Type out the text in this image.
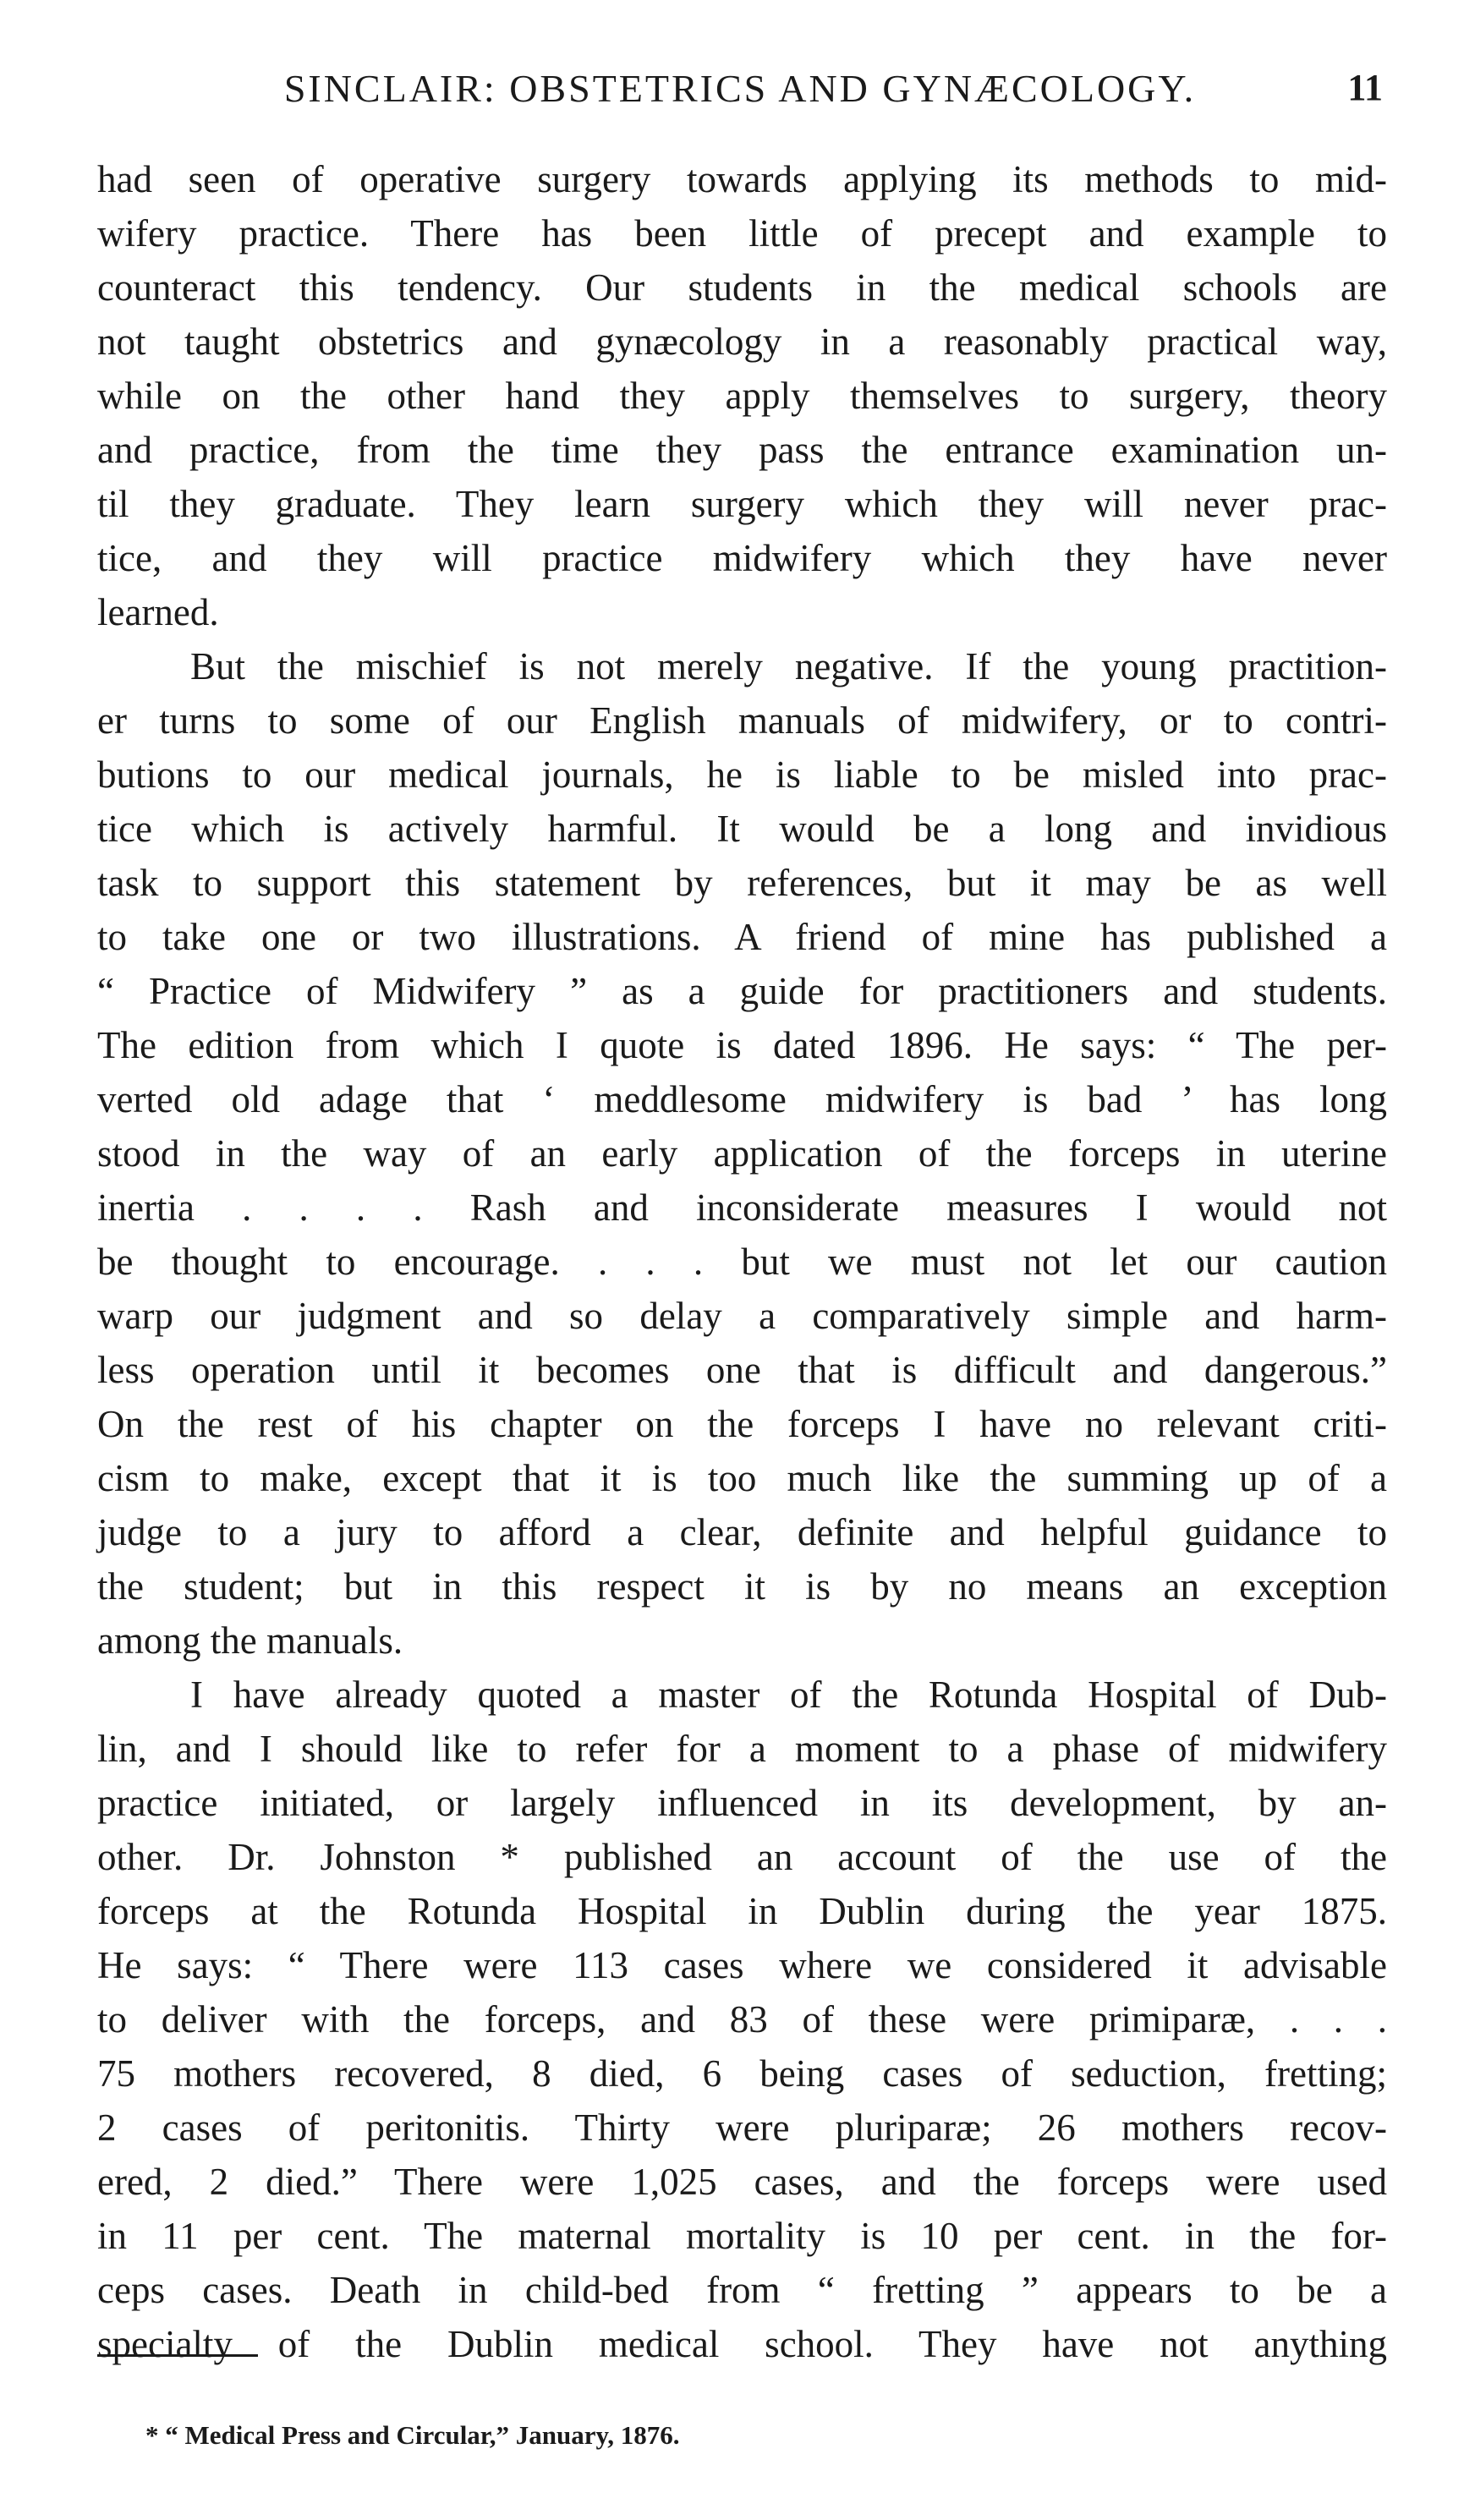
SINCLAIR: OBSTETRICS AND GYNÆCOLOGY.	11
had seen of operative surgery towards applying its methods to mid-
wifery practice. There has been little of precept and example to
counteract this tendency. Our students in the medical schools are
not taught obstetrics and gynæcology in a reasonably practical way,
while on the other hand they apply themselves to surgery, theory
and practice, from the time they pass the entrance examination un-
til they graduate. They learn surgery which they will never prac-
tice, and they will practice midwifery which they have never
learned.
But the mischief is not merely negative. If the young practition-
er turns to some of our English manuals of midwifery, or to contri-
butions to our medical journals, he is liable to be misled into prac-
tice which is actively harmful. It would be a long and invidious
task to support this statement by references, but it may be as well
to take one or two illustrations. A friend of mine has published a
“ Practice of Midwifery ” as a guide for practitioners and students.
The edition from which I quote is dated 1896. He says: “ The per-
verted old adage that ‘ meddlesome midwifery is bad ’ has long
stood in the way of an early application of the forceps in uterine
inertia . . . . Rash and inconsiderate measures I would not
be thought to encourage. . . . but we must not let our caution
warp our judgment and so delay a comparatively simple and harm-
less operation until it becomes one that is difficult and dangerous.”
On the rest of his chapter on the forceps I have no relevant criti-
cism to make, except that it is too much like the summing up of a
judge to a jury to afford a clear, definite and helpful guidance to
the student; but in this respect it is by no means an exception
among the manuals.
I have already quoted a master of the Rotunda Hospital of Dub-
lin, and I should like to refer for a moment to a phase of midwifery
practice initiated, or largely influenced in its development, by an-
other. Dr. Johnston * published an account of the use of the
forceps at the Rotunda Hospital in Dublin during the year 1875.
He says: “ There were 113 cases where we considered it advisable
to deliver with the forceps, and 83 of these were primiparæ, . . .
75 mothers recovered, 8 died, 6 being cases of seduction, fretting;
2 cases of peritonitis. Thirty were pluriparæ; 26 mothers recov-
ered, 2 died.” There were 1,025 cases, and the forceps were used
in 11 per cent. The maternal mortality is 10 per cent. in the for-
ceps cases. Death in child-bed from “ fretting ” appears to be a
specialty of the Dublin medical school. They have not anything
* “ Medical Press and Circular,” January, 1876.
